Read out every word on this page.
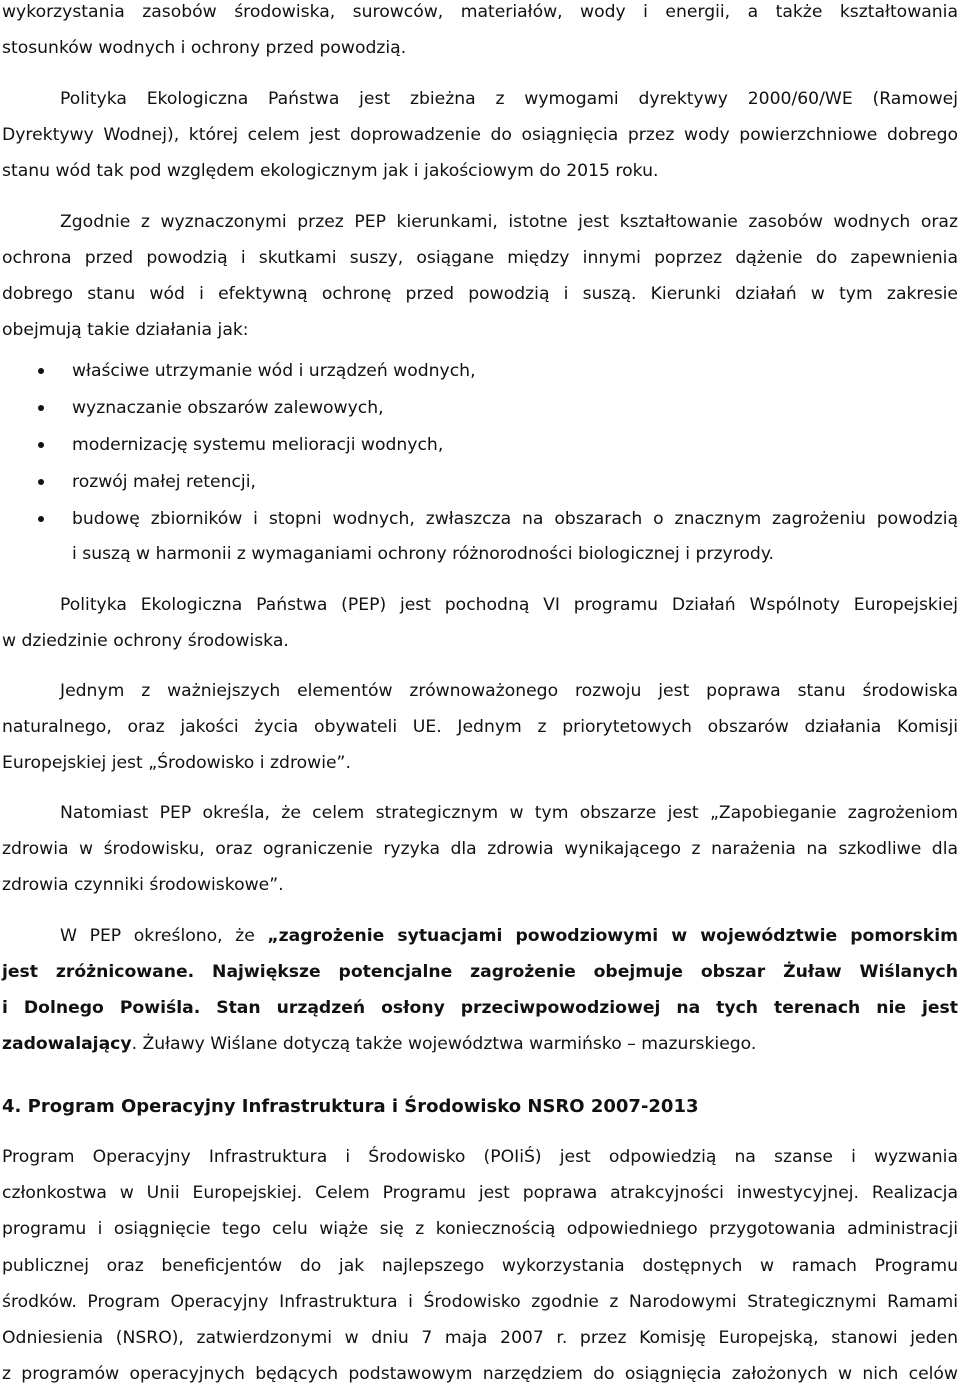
wykorzystania zasobów środowiska, surowców, materiałów, wody i energii, a także kształtowania
stosunków wodnych i ochrony przed powodzią.
Polityka Ekologiczna Państwa jest zbieżna z wymogami dyrektywy 2000/60/WE (Ramowej
Dyrektywy Wodnej), której celem jest doprowadzenie do osiągnięcia przez wody powierzchniowe dobrego
stanu wód tak pod względem ekologicznym jak i jakościowym do 2015 roku.
Zgodnie z wyznaczonymi przez PEP kierunkami, istotne jest kształtowanie zasobów wodnych oraz
ochrona przed powodzią i skutkami suszy, osiągane między innymi poprzez dążenie do zapewnienia
dobrego stanu wód i efektywną ochronę przed powodzią i suszą. Kierunki działań w tym zakresie
obejmują takie działania jak:
właściwe utrzymanie wód i urządzeń wodnych,
wyznaczanie obszarów zalewowych,
modernizację systemu melioracji wodnych,
rozwój małej retencji,
budowę zbiorników i stopni wodnych, zwłaszcza na obszarach o znacznym zagrożeniu powodzią
i suszą w harmonii z wymaganiami ochrony różnorodności biologicznej i przyrody.
Polityka Ekologiczna Państwa (PEP) jest pochodną VI programu Działań Wspólnoty Europejskiej
w dziedzinie ochrony środowiska.
Jednym z ważniejszych elementów zrównoważonego rozwoju jest poprawa stanu środowiska
naturalnego, oraz jakości życia obywateli UE. Jednym z priorytetowych obszarów działania Komisji
Europejskiej jest „Środowisko i zdrowie”.
Natomiast PEP określa, że celem strategicznym w tym obszarze jest „Zapobieganie zagrożeniom
zdrowia w środowisku, oraz ograniczenie ryzyka dla zdrowia wynikającego z narażenia na szkodliwe dla
zdrowia czynniki środowiskowe”.
W PEP określono, że „zagrożenie sytuacjami powodziowymi w województwie pomorskim
jest zróżnicowane. Największe potencjalne zagrożenie obejmuje obszar Żuław Wiślanych
i Dolnego Powiśla. Stan urządzeń osłony przeciwpowodziowej na tych terenach nie jest
zadowalający. Żuławy Wiślane dotyczą także województwa warmińsko – mazurskiego.
4. Program Operacyjny Infrastruktura i Środowisko NSRO 2007-2013
Program Operacyjny Infrastruktura i Środowisko (POIiŚ) jest odpowiedzią na szanse i wyzwania
członkostwa w Unii Europejskiej. Celem Programu jest poprawa atrakcyjności inwestycyjnej. Realizacja
programu i osiągnięcie tego celu wiąże się z koniecznością odpowiedniego przygotowania administracji
publicznej oraz beneficjentów do jak najlepszego wykorzystania dostępnych w ramach Programu
środków. Program Operacyjny Infrastruktura i Środowisko zgodnie z Narodowymi Strategicznymi Ramami
Odniesienia (NSRO), zatwierdzonymi w dniu 7 maja 2007 r. przez Komisję Europejską, stanowi jeden
z programów operacyjnych będących podstawowym narzędziem do osiągnięcia założonych w nich celów
